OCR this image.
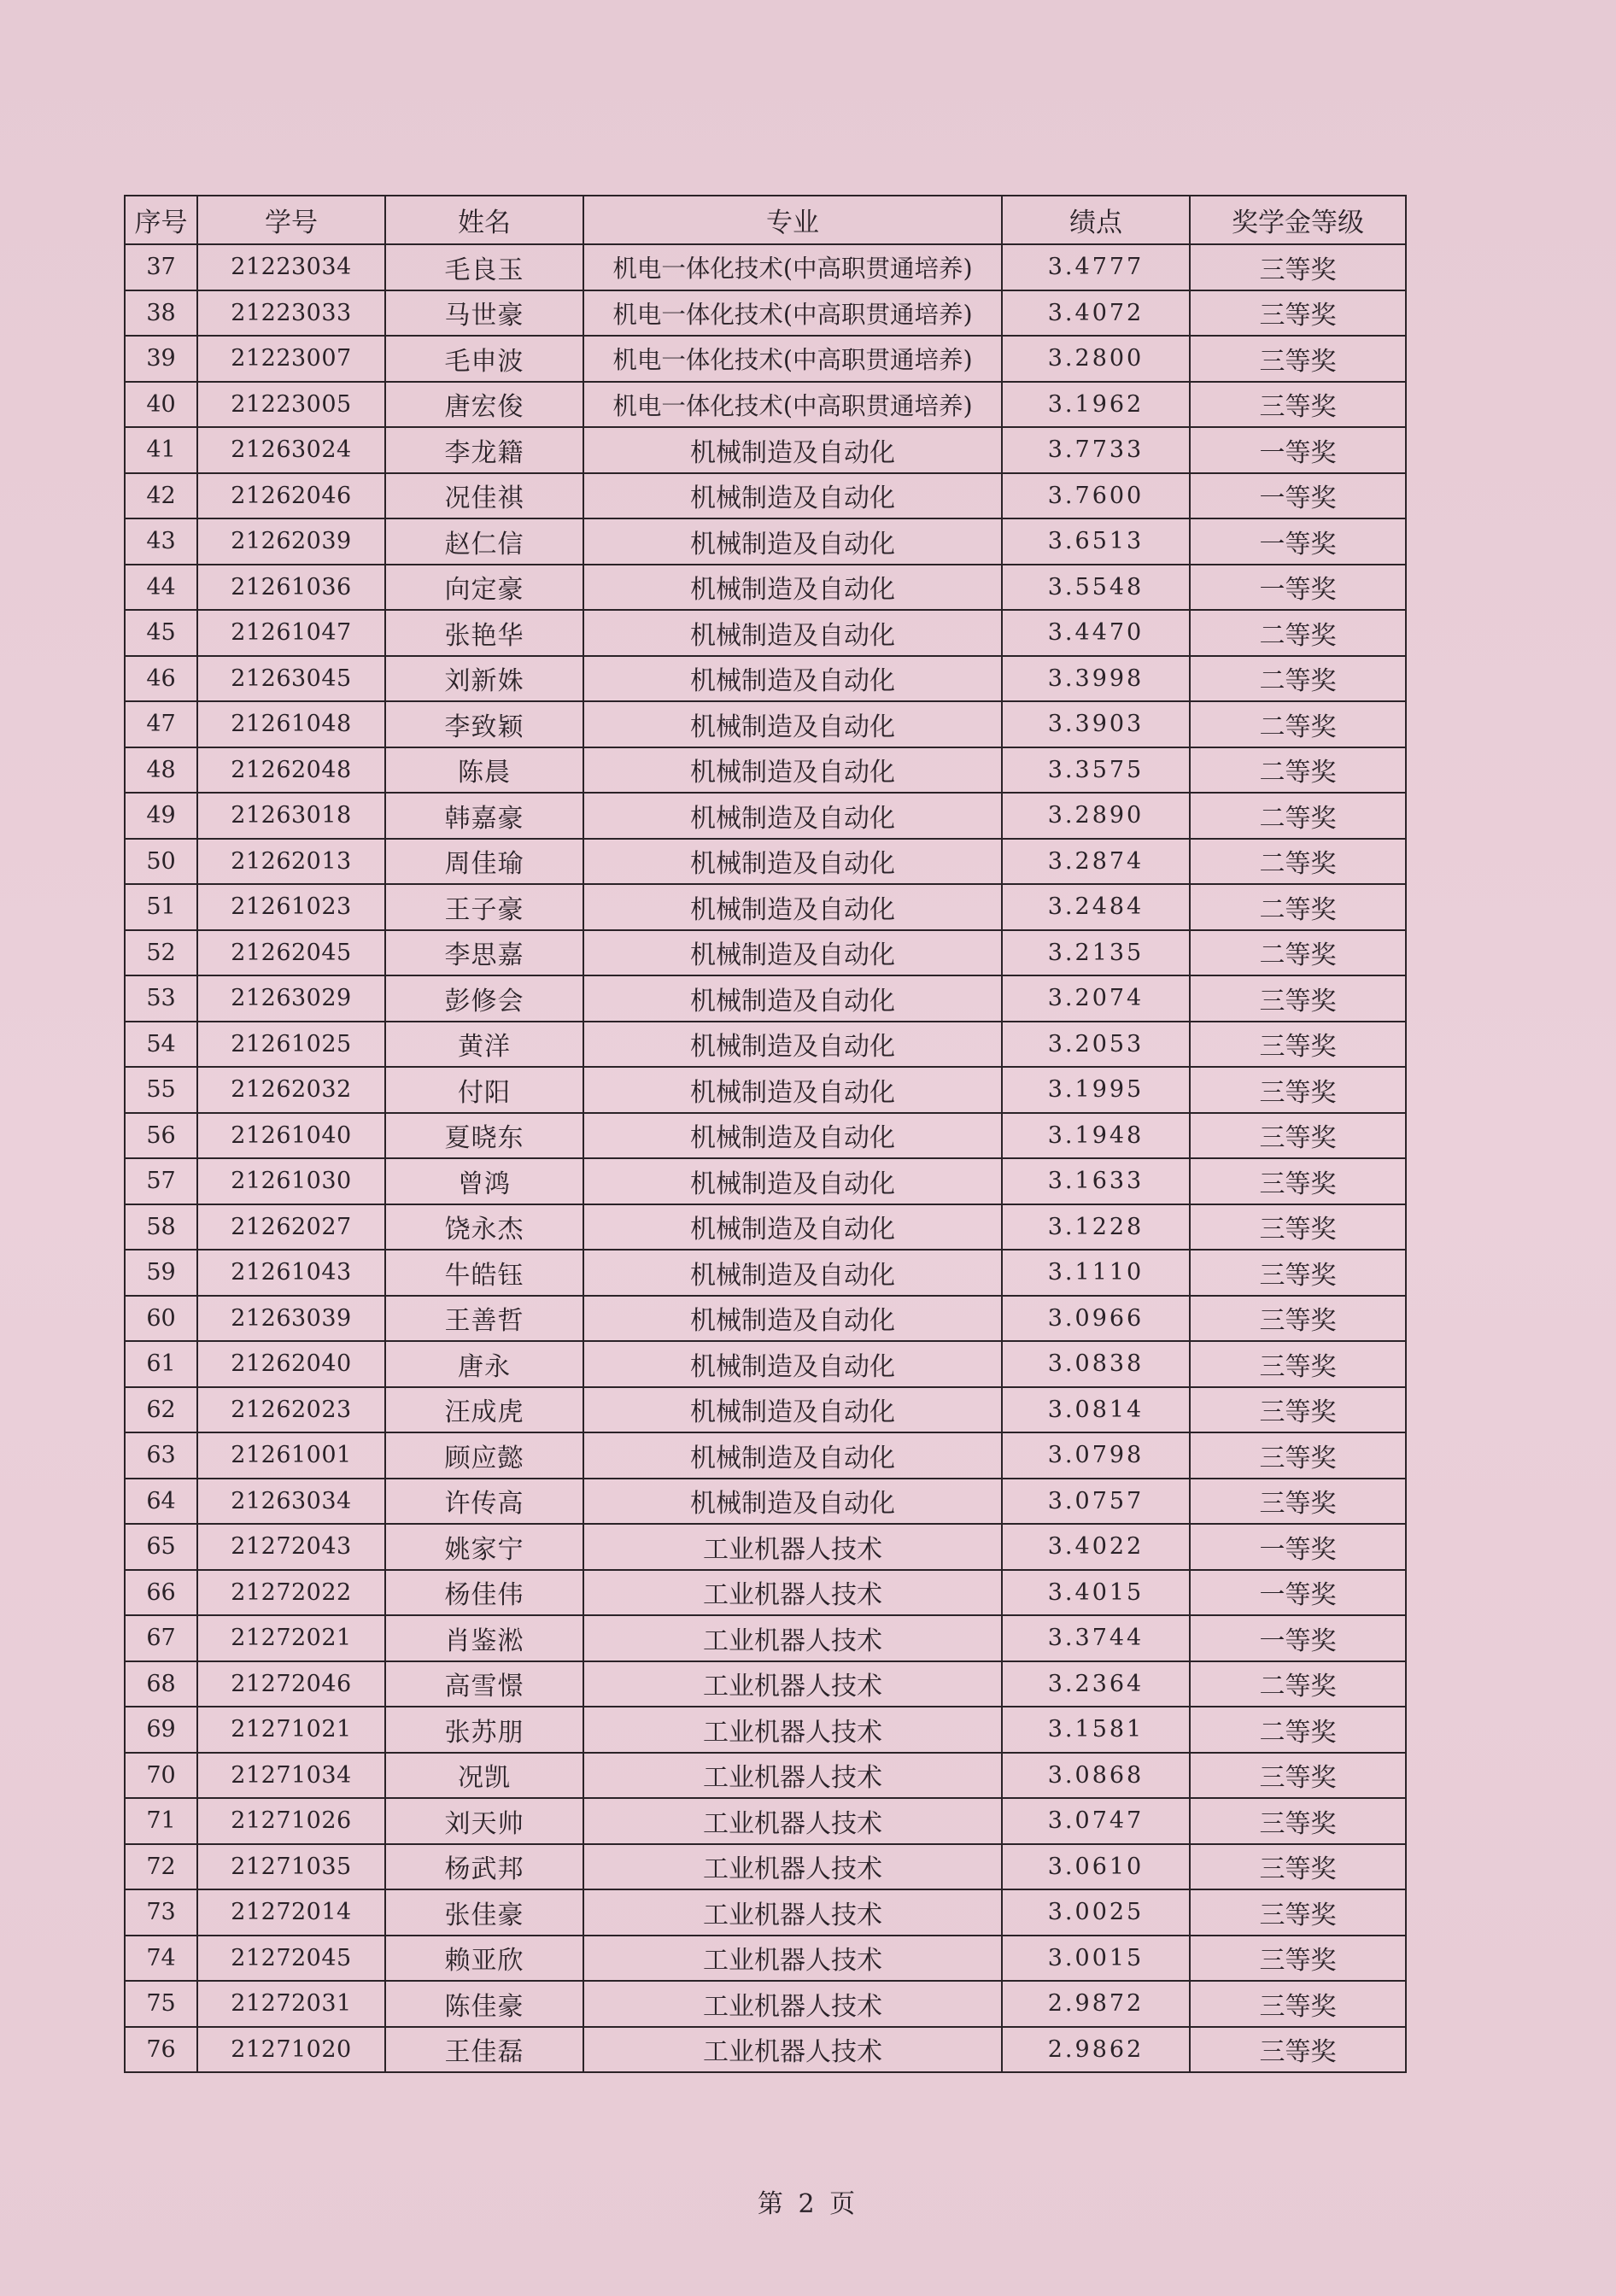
序号	学号	姓名	专业	绩点	奖学金等级
37	21223034	毛良玉	机电一体化技术(中高职贯通培养)	3.4777	三等奖
38	21223033	马世豪	机电一体化技术(中高职贯通培养)	3.4072	三等奖
39	21223007	毛申波	机电一体化技术(中高职贯通培养)	3.2800	三等奖
40	21223005	唐宏俊	机电一体化技术(中高职贯通培养)	3.1962	三等奖
41	21263024	李龙籍	机械制造及自动化	3.7733	一等奖
42	21262046	况佳祺	机械制造及自动化	3.7600	一等奖
43	21262039	赵仁信	机械制造及自动化	3.6513	一等奖
44	21261036	向定豪	机械制造及自动化	3.5548	一等奖
45	21261047	张艳华	机械制造及自动化	3.4470	二等奖
46	21263045	刘新姝	机械制造及自动化	3.3998	二等奖
47	21261048	李致颖	机械制造及自动化	3.3903	二等奖
48	21262048	陈晨	机械制造及自动化	3.3575	二等奖
49	21263018	韩嘉豪	机械制造及自动化	3.2890	二等奖
50	21262013	周佳瑜	机械制造及自动化	3.2874	二等奖
51	21261023	王子豪	机械制造及自动化	3.2484	二等奖
52	21262045	李思嘉	机械制造及自动化	3.2135	二等奖
53	21263029	彭修会	机械制造及自动化	3.2074	三等奖
54	21261025	黄洋	机械制造及自动化	3.2053	三等奖
55	21262032	付阳	机械制造及自动化	3.1995	三等奖
56	21261040	夏晓东	机械制造及自动化	3.1948	三等奖
57	21261030	曾鸿	机械制造及自动化	3.1633	三等奖
58	21262027	饶永杰	机械制造及自动化	3.1228	三等奖
59	21261043	牛皓钰	机械制造及自动化	3.1110	三等奖
60	21263039	王善哲	机械制造及自动化	3.0966	三等奖
61	21262040	唐永	机械制造及自动化	3.0838	三等奖
62	21262023	汪成虎	机械制造及自动化	3.0814	三等奖
63	21261001	顾应懿	机械制造及自动化	3.0798	三等奖
64	21263034	许传高	机械制造及自动化	3.0757	三等奖
65	21272043	姚家宁	工业机器人技术	3.4022	一等奖
66	21272022	杨佳伟	工业机器人技术	3.4015	一等奖
67	21272021	肖鉴淞	工业机器人技术	3.3744	一等奖
68	21272046	高雪憬	工业机器人技术	3.2364	二等奖
69	21271021	张苏朋	工业机器人技术	3.1581	二等奖
70	21271034	况凯	工业机器人技术	3.0868	三等奖
71	21271026	刘天帅	工业机器人技术	3.0747	三等奖
72	21271035	杨武邦	工业机器人技术	3.0610	三等奖
73	21272014	张佳豪	工业机器人技术	3.0025	三等奖
74	21272045	赖亚欣	工业机器人技术	3.0015	三等奖
75	21272031	陈佳豪	工业机器人技术	2.9872	三等奖
76	21271020	王佳磊	工业机器人技术	2.9862	三等奖
第 2 页
